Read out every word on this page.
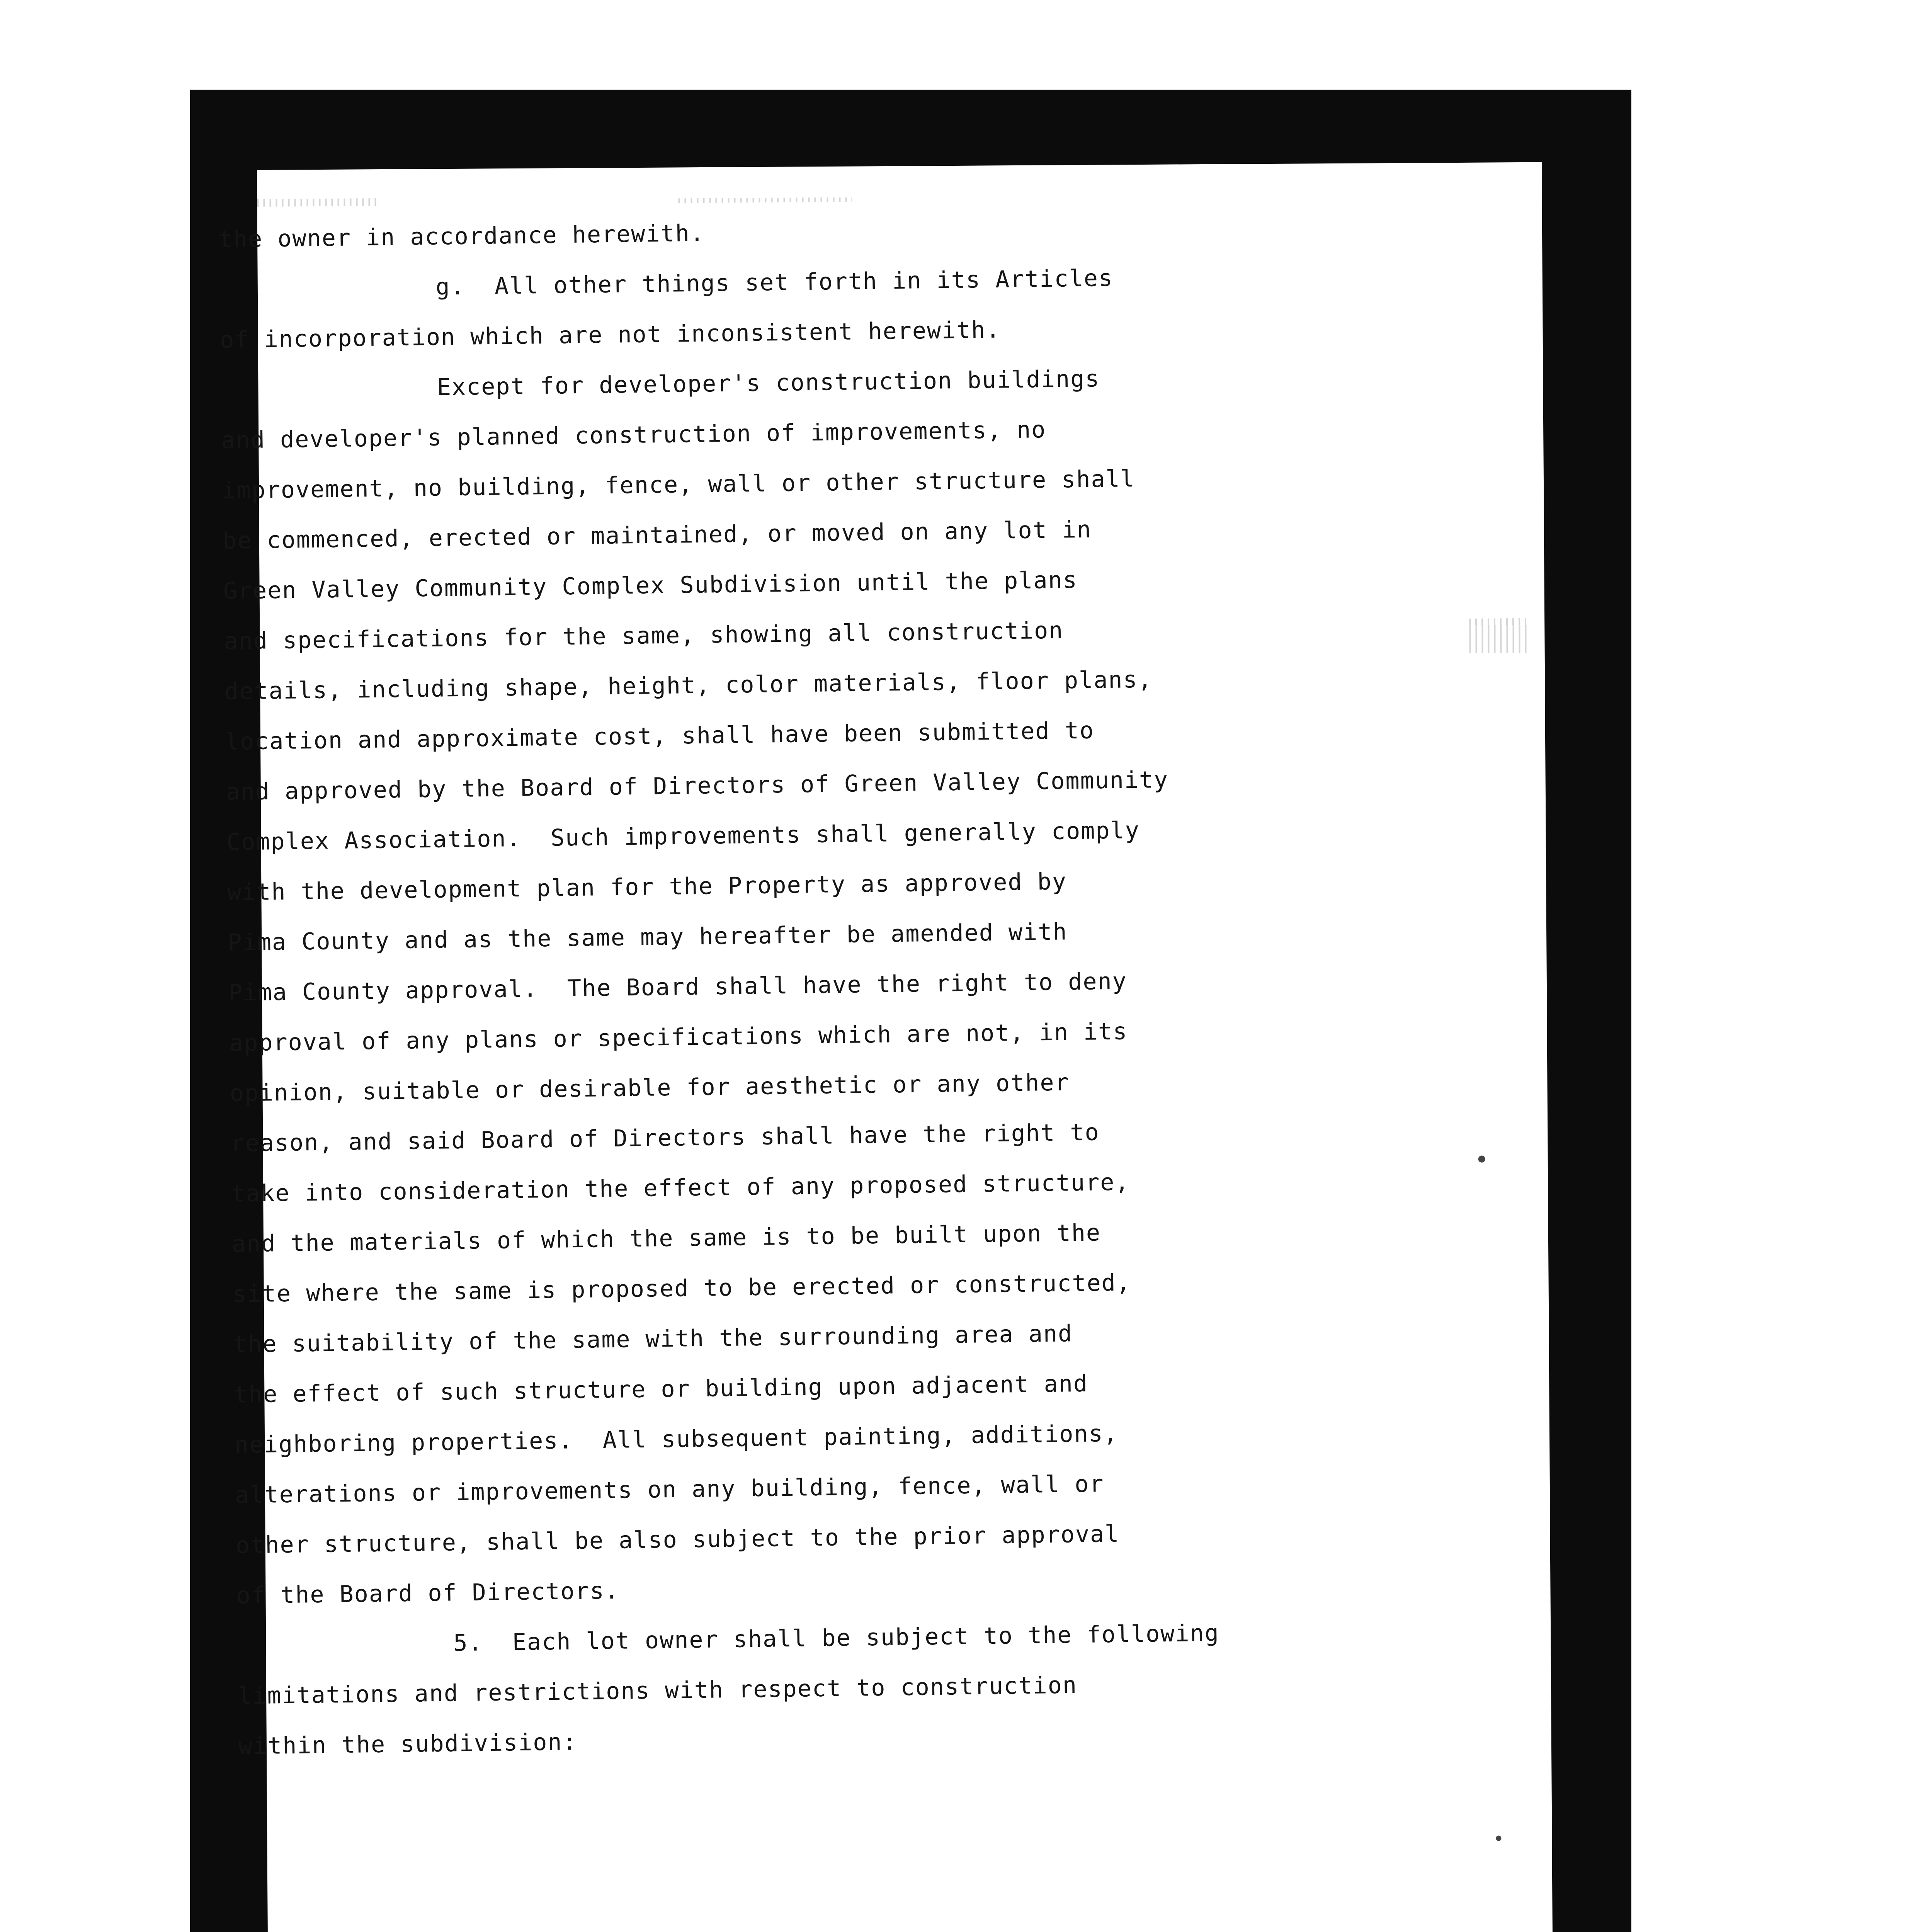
the owner in accordance herewith.
g.  All other things set forth in its Articles
of incorporation which are not inconsistent herewith.
Except for developer's construction buildings
and developer's planned construction of improvements, no
improvement, no building, fence, wall or other structure shall
be commenced, erected or maintained, or moved on any lot in
Green Valley Community Complex Subdivision until the plans
and specifications for the same, showing all construction
details, including shape, height, color materials, floor plans,
location and approximate cost, shall have been submitted to
and approved by the Board of Directors of Green Valley Community
Complex Association.  Such improvements shall generally comply
with the development plan for the Property as approved by
Pima County and as the same may hereafter be amended with
Pima County approval.  The Board shall have the right to deny
approval of any plans or specifications which are not, in its
opinion, suitable or desirable for aesthetic or any other
reason, and said Board of Directors shall have the right to
take into consideration the effect of any proposed structure,
and the materials of which the same is to be built upon the
site where the same is proposed to be erected or constructed,
the suitability of the same with the surrounding area and
the effect of such structure or building upon adjacent and
neighboring properties.  All subsequent painting, additions,
alterations or improvements on any building, fence, wall or
other structure, shall be also subject to the prior approval
of the Board of Directors.
5.  Each lot owner shall be subject to the following
limitations and restrictions with respect to construction
within the subdivision:
